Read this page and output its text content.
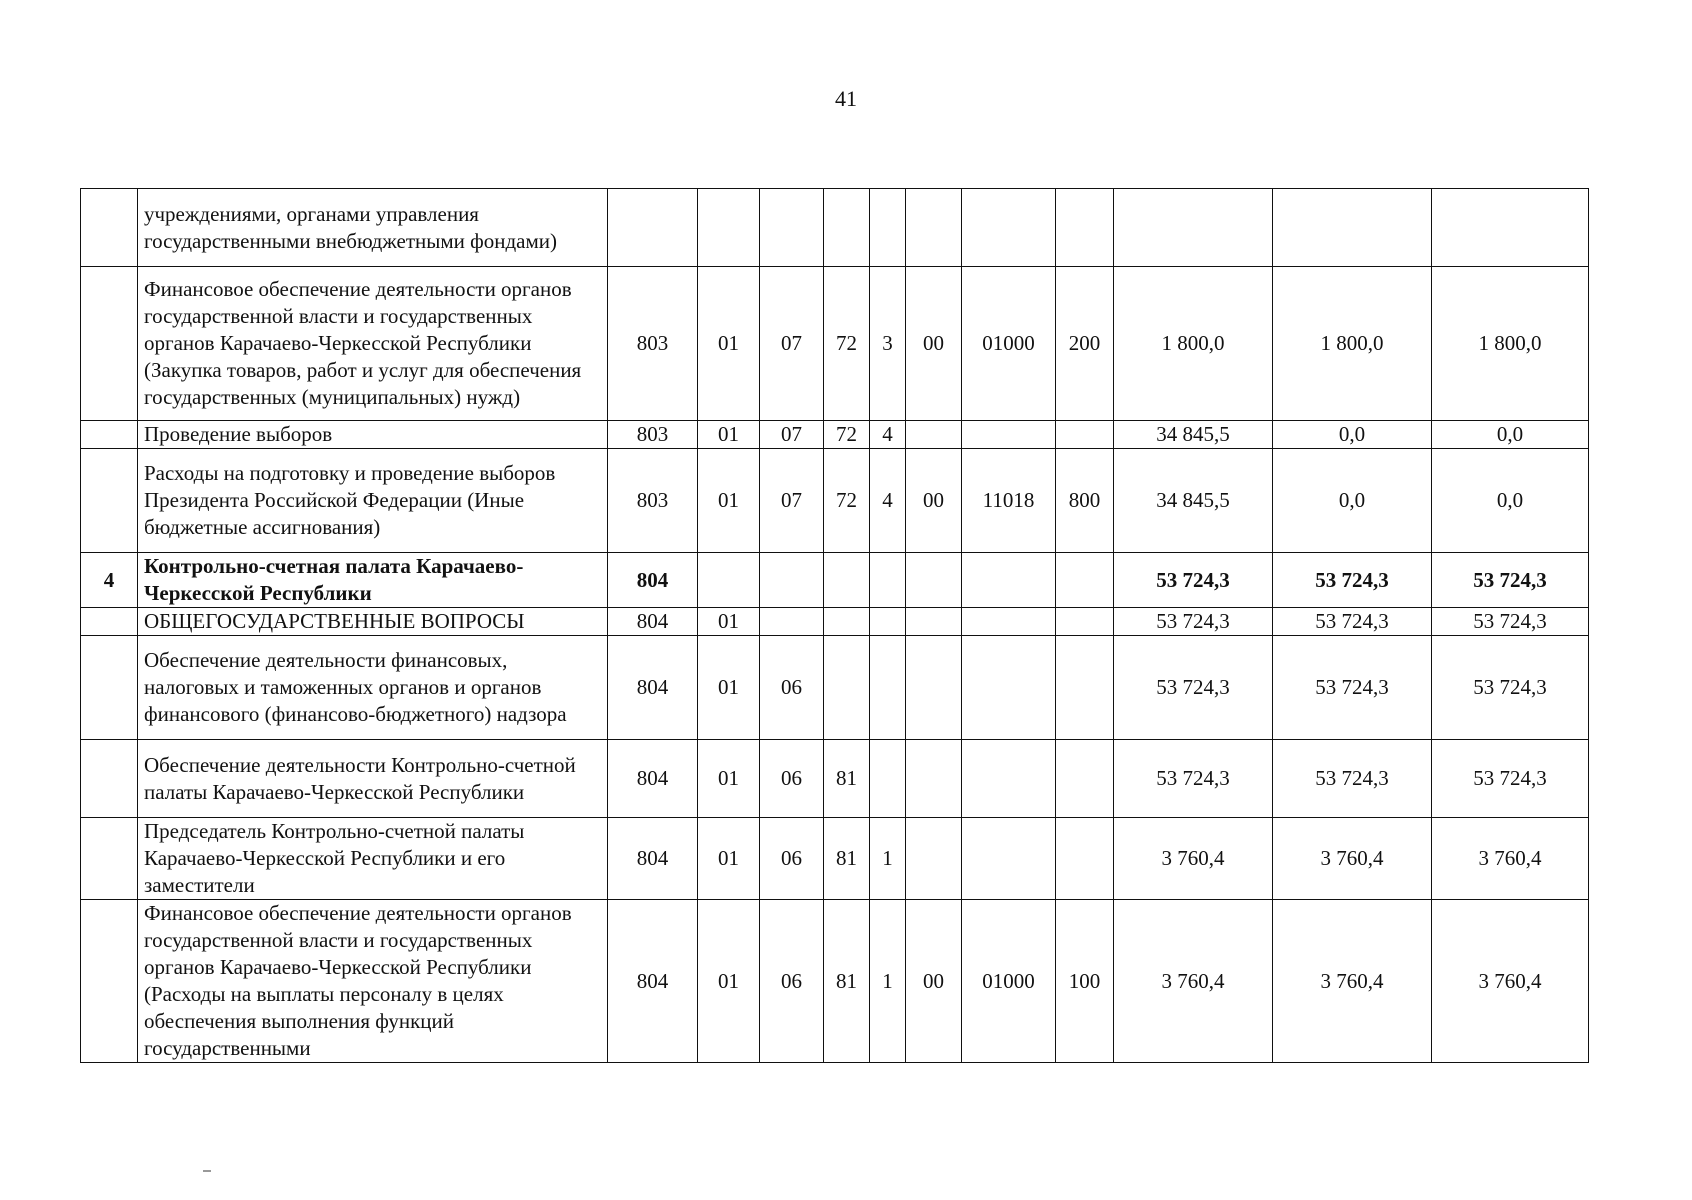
41
	учреждениями, органами управления государственными внебюджетными фондами)											
	Финансовое обеспечение деятельности органов государственной власти и государственных органов Карачаево-Черкесской Республики (Закупка товаров, работ и услуг для обеспечения государственных (муниципальных) нужд)	803	01	07	72	3	00	01000	200	1 800,0	1 800,0	1 800,0
	Проведение выборов	803	01	07	72	4				34 845,5	0,0	0,0
	Расходы на подготовку и проведение выборов Президента Российской Федерации (Иные бюджетные ассигнования)	803	01	07	72	4	00	11018	800	34 845,5	0,0	0,0
4	Контрольно-счетная палата Карачаево-Черкесской Республики	804								53 724,3	53 724,3	53 724,3
	ОБЩЕГОСУДАРСТВЕННЫЕ ВОПРОСЫ	804	01							53 724,3	53 724,3	53 724,3
	Обеспечение деятельности финансовых, налоговых и таможенных органов и органов финансового (финансово-бюджетного) надзора	804	01	06						53 724,3	53 724,3	53 724,3
	Обеспечение деятельности Контрольно-счетной палаты Карачаево-Черкесской Республики	804	01	06	81					53 724,3	53 724,3	53 724,3
	Председатель Контрольно-счетной палаты Карачаево-Черкесской Республики и его заместители	804	01	06	81	1				3 760,4	3 760,4	3 760,4
	Финансовое обеспечение деятельности органов государственной власти и государственных органов Карачаево-Черкесской Республики (Расходы на выплаты персоналу в целях обеспечения выполнения функций государственными	804	01	06	81	1	00	01000	100	3 760,4	3 760,4	3 760,4
